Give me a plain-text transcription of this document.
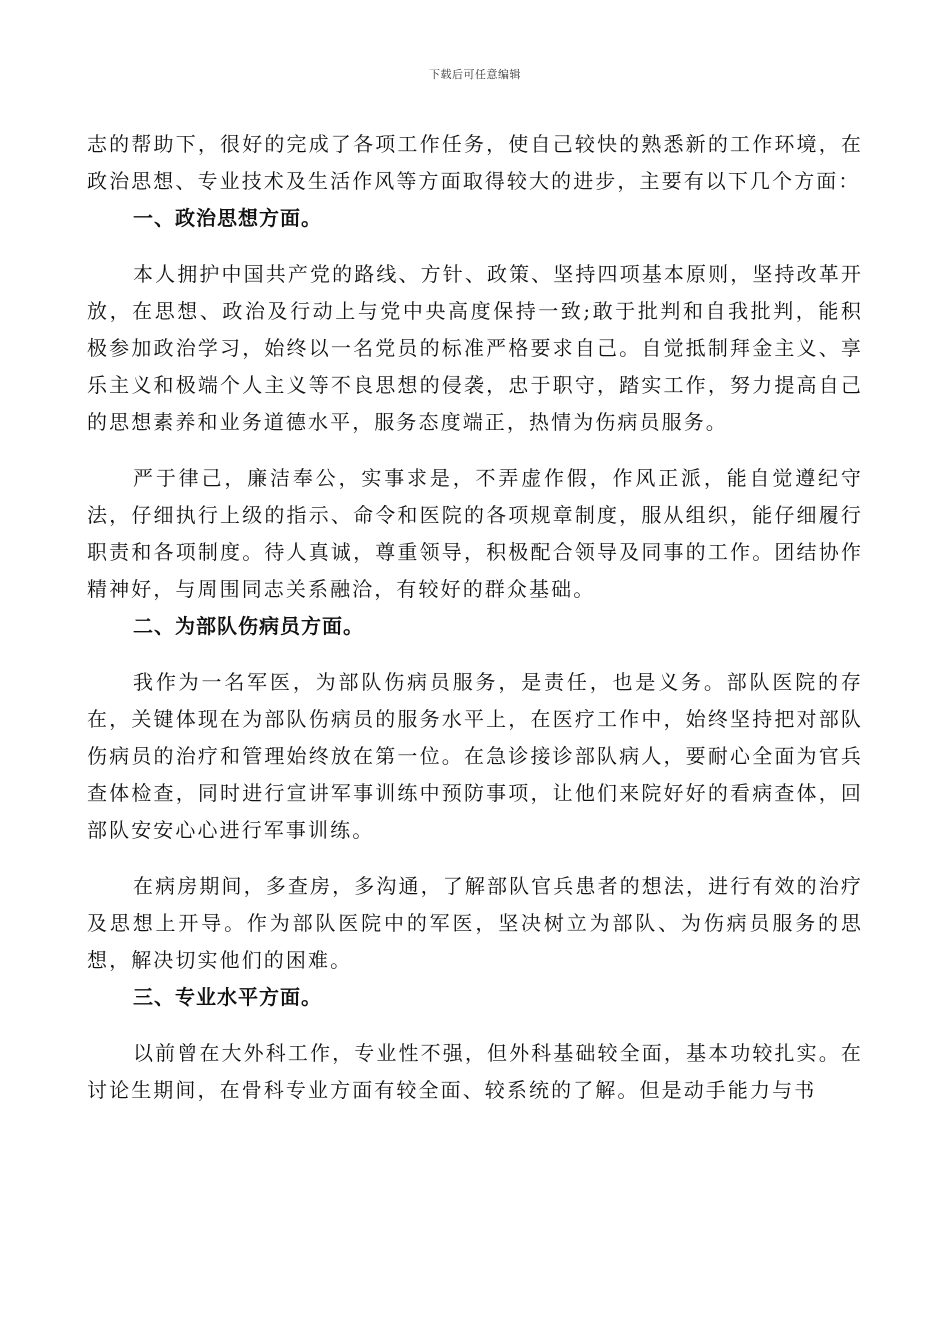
下载后可任意编辑

志的帮助下，很好的完成了各项工作任务，使自己较快的熟悉新的工作环境，在政治思想、专业技术及生活作风等方面取得较大的进步，主要有以下几个方面：

一、政治思想方面。

本人拥护中国共产党的路线、方针、政策、坚持四项基本原则，坚持改革开放，在思想、政治及行动上与党中央高度保持一致;敢于批判和自我批判，能积极参加政治学习，始终以一名党员的标准严格要求自己。自觉抵制拜金主义、享乐主义和极端个人主义等不良思想的侵袭，忠于职守，踏实工作，努力提高自己的思想素养和业务道德水平，服务态度端正，热情为伤病员服务。

严于律己，廉洁奉公，实事求是，不弄虚作假，作风正派，能自觉遵纪守法，仔细执行上级的指示、命令和医院的各项规章制度，服从组织，能仔细履行职责和各项制度。待人真诚，尊重领导，积极配合领导及同事的工作。团结协作精神好，与周围同志关系融洽，有较好的群众基础。

二、为部队伤病员方面。

我作为一名军医，为部队伤病员服务，是责任，也是义务。部队医院的存在，关键体现在为部队伤病员的服务水平上，在医疗工作中，始终坚持把对部队伤病员的治疗和管理始终放在第一位。在急诊接诊部队病人，要耐心全面为官兵查体检查，同时进行宣讲军事训练中预防事项，让他们来院好好的看病查体，回部队安安心心进行军事训练。

在病房期间，多查房，多沟通，了解部队官兵患者的想法，进行有效的治疗及思想上开导。作为部队医院中的军医，坚决树立为部队、为伤病员服务的思想，解决切实他们的困难。

三、专业水平方面。

以前曾在大外科工作，专业性不强，但外科基础较全面，基本功较扎实。在讨论生期间，在骨科专业方面有较全面、较系统的了解。但是动手能力与书
